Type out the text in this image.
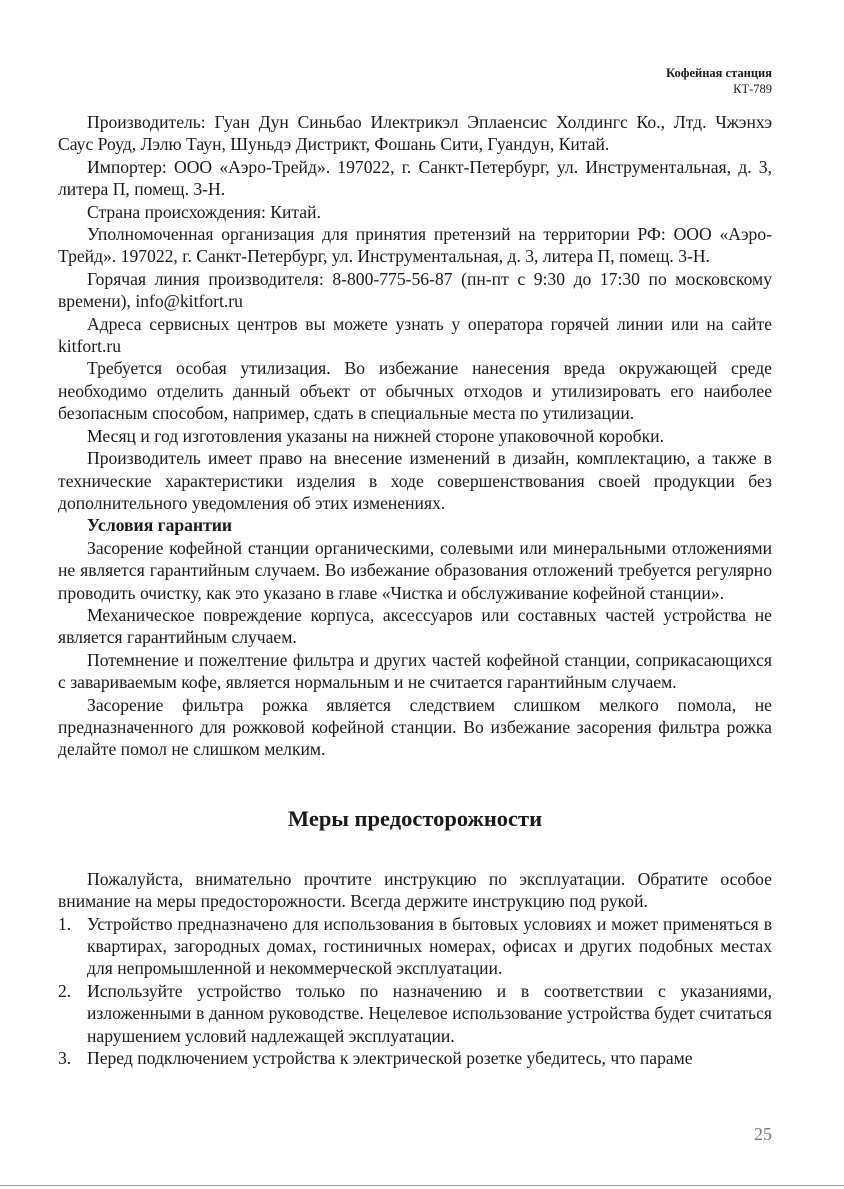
Кофейная станция
КТ-789

Производитель: Гуан Дун Синьбао Илектрикэл Эплаенсис Холдингс Ко., Лтд. Чжэнхэ Саус Роуд, Лэлю Таун, Шуньдэ Дистрикт, Фошань Сити, Гуандун, Китай.

Импортер: ООО «Аэро-Трейд». 197022, г. Санкт-Петербург, ул. Инструментальная, д. 3, литера П, помещ. 3-Н.

Страна происхождения: Китай.

Уполномоченная организация для принятия претензий на территории РФ: ООО «Аэро-Трейд». 197022, г. Санкт-Петербург, ул. Инструментальная, д. 3, литера П, помещ. 3-Н.

Горячая линия производителя: 8-800-775-56-87 (пн-пт с 9:30 до 17:30 по московскому времени), info@kitfort.ru

Адреса сервисных центров вы можете узнать у оператора горячей линии или на сайте kitfort.ru

Требуется особая утилизация. Во избежание нанесения вреда окружающей среде необходимо отделить данный объект от обычных отходов и утилизировать его наиболее безопасным способом, например, сдать в специальные места по утилизации.

Месяц и год изготовления указаны на нижней стороне упаковочной коробки.

Производитель имеет право на внесение изменений в дизайн, комплектацию, а также в технические характеристики изделия в ходе совершенствования своей продукции без дополнительного уведомления об этих изменениях.

Условия гарантии

Засорение кофейной станции органическими, солевыми или минеральными отложениями не является гарантийным случаем. Во избежание образования отложений требуется регулярно проводить очистку, как это указано в главе «Чистка и обслуживание кофейной станции».

Механическое повреждение корпуса, аксессуаров или составных частей устройства не является гарантийным случаем.

Потемнение и пожелтение фильтра и других частей кофейной станции, соприкасающихся с завариваемым кофе, является нормальным и не считается гарантийным случаем.

Засорение фильтра рожка является следствием слишком мелкого помола, не предназначенного для рожковой кофейной станции. Во избежание засорения фильтра рожка делайте помол не слишком мелким.

Меры предосторожности

Пожалуйста, внимательно прочтите инструкцию по эксплуатации. Обратите особое внимание на меры предосторожности. Всегда держите инструкцию под рукой.

1. Устройство предназначено для использования в бытовых условиях и может применяться в квартирах, загородных домах, гостиничных номерах, офисах и других подобных местах для непромышленной и некоммерческой эксплуатации.
2. Используйте устройство только по назначению и в соответствии с указаниями, изложенными в данном руководстве. Нецелевое использование устройства будет считаться нарушением условий надлежащей эксплуатации.
3. Перед подключением устройства к электрической розетке убедитесь, что параме
25
